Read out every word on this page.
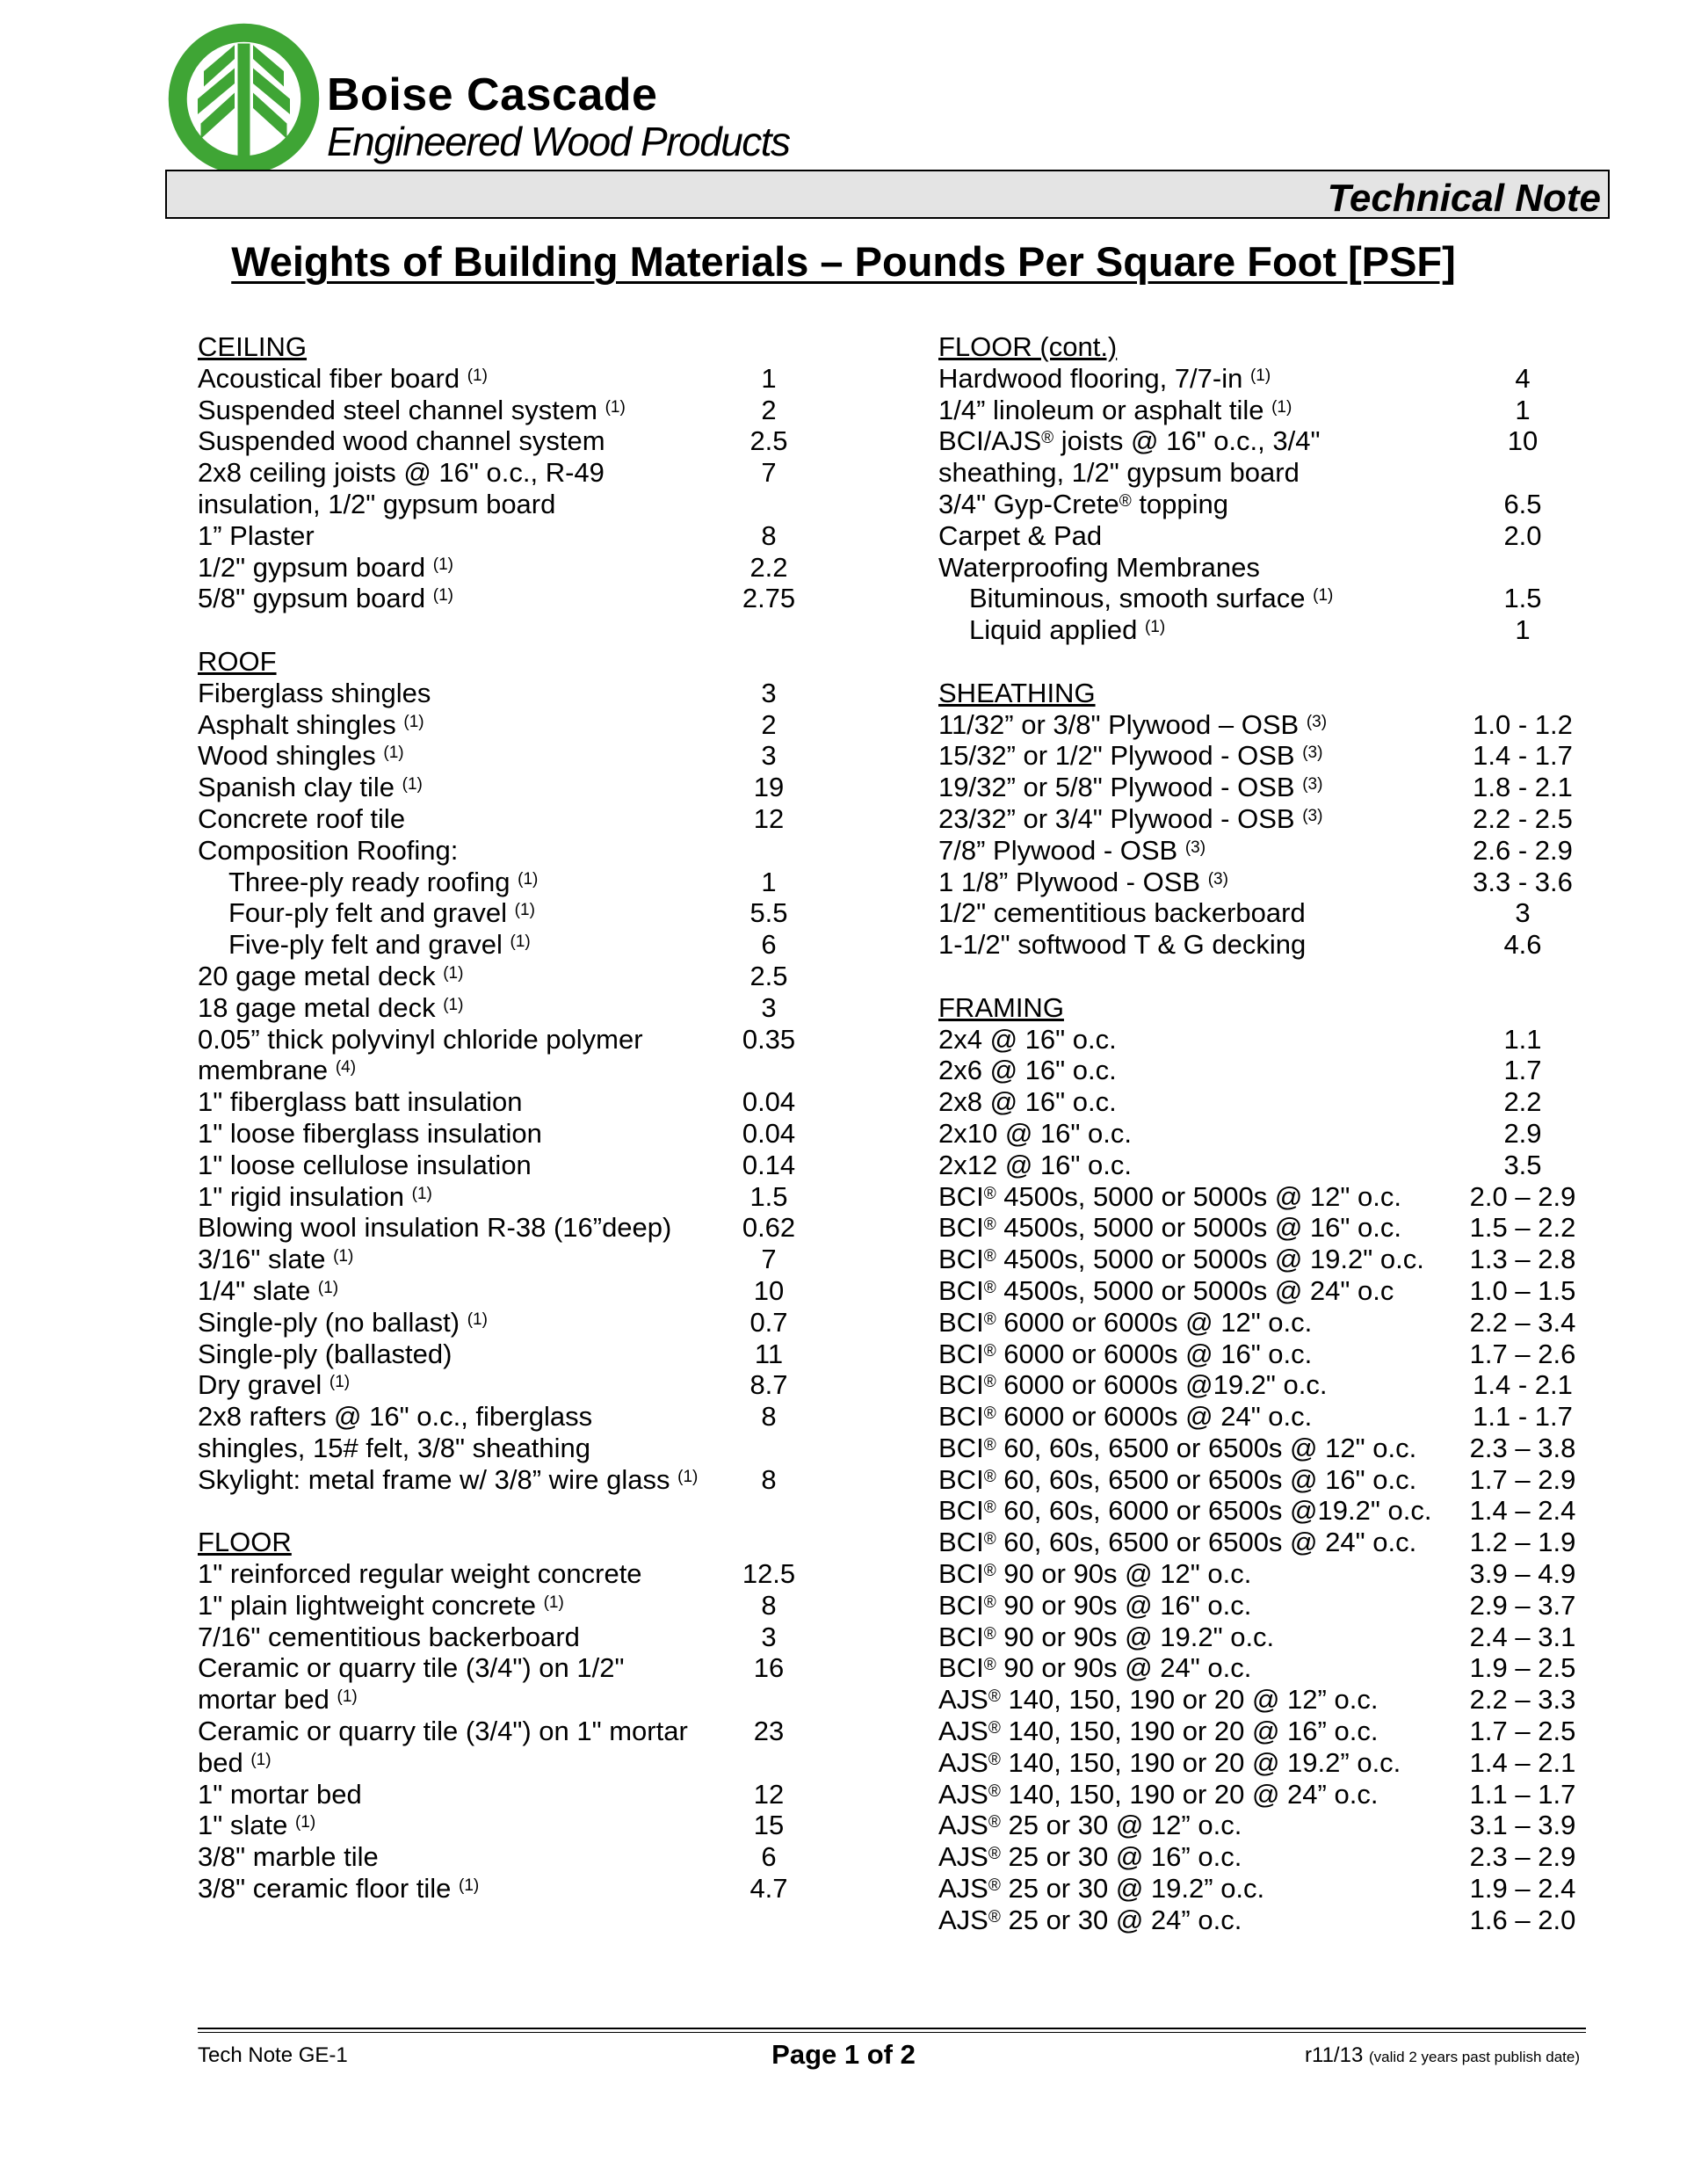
Boise Cascade
Engineered Wood Products
Technical Note
Weights of Building Materials – Pounds Per Square Foot [PSF]
CEILING
Acoustical fiber board $^{(1)}$	1
Suspended steel channel system $^{(1)}$	2
Suspended wood channel system	2.5
2x8 ceiling joists @ 16" o.c., R-49	7
insulation, 1/2" gypsum board
1” Plaster	8
1/2" gypsum board $^{(1)}$	2.2
5/8" gypsum board $^{(1)}$	2.75
ROOF
Fiberglass shingles	3
Asphalt shingles $^{(1)}$	2
Wood shingles $^{(1)}$	3
Spanish clay tile $^{(1)}$	19
Concrete roof tile	12
Composition Roofing:
Three-ply ready roofing $^{(1)}$	1
Four-ply felt and gravel $^{(1)}$	5.5
Five-ply felt and gravel $^{(1)}$	6
20 gage metal deck $^{(1)}$	2.5
18 gage metal deck $^{(1)}$	3
0.05” thick polyvinyl chloride polymer	0.35
membrane $^{(4)}$
1" fiberglass batt insulation	0.04
1" loose fiberglass insulation	0.04
1" loose cellulose insulation	0.14
1" rigid insulation $^{(1)}$	1.5
Blowing wool insulation R-38 (16”deep)	0.62
3/16" slate $^{(1)}$	7
1/4" slate $^{(1)}$	10
Single-ply (no ballast) $^{(1)}$	0.7
Single-ply (ballasted)	11
Dry gravel $^{(1)}$	8.7
2x8 rafters @ 16" o.c., fiberglass	8
shingles, 15# felt, 3/8" sheathing
Skylight: metal frame w/ 3/8” wire glass $^{(1)}$	8
FLOOR
1" reinforced regular weight concrete	12.5
1" plain lightweight concrete $^{(1)}$	8
7/16" cementitious backerboard	3
Ceramic or quarry tile (3/4") on 1/2"	16
mortar bed $^{(1)}$
Ceramic or quarry tile (3/4") on 1" mortar	23
bed $^{(1)}$
1" mortar bed	12
1" slate $^{(1)}$	15
3/8" marble tile	6
3/8" ceramic floor tile $^{(1)}$	4.7
FLOOR (cont.)
Hardwood flooring, 7/7-in $^{(1)}$	4
1/4” linoleum or asphalt tile $^{(1)}$	1
BCI/AJS® joists @ 16" o.c., 3/4"	10
sheathing, 1/2" gypsum board
3/4" Gyp-Crete® topping	6.5
Carpet & Pad	2.0
Waterproofing Membranes
Bituminous, smooth surface $^{(1)}$	1.5
Liquid applied $^{(1)}$	1
SHEATHING
11/32” or 3/8" Plywood – OSB $^{(3)}$	1.0 - 1.2
15/32” or 1/2" Plywood - OSB $^{(3)}$	1.4 - 1.7
19/32” or 5/8" Plywood - OSB $^{(3)}$	1.8 - 2.1
23/32” or 3/4" Plywood - OSB $^{(3)}$	2.2 - 2.5
7/8” Plywood - OSB $^{(3)}$	2.6 - 2.9
1 1/8” Plywood - OSB $^{(3)}$	3.3 - 3.6
1/2" cementitious backerboard	3
1-1/2" softwood T & G decking	4.6
FRAMING
2x4 @ 16" o.c.	1.1
2x6 @ 16" o.c.	1.7
2x8 @ 16" o.c.	2.2
2x10 @ 16" o.c.	2.9
2x12 @ 16" o.c.	3.5
BCI® 4500s, 5000 or 5000s @ 12" o.c.	2.0 – 2.9
BCI® 4500s, 5000 or 5000s @ 16" o.c.	1.5 – 2.2
BCI® 4500s, 5000 or 5000s @ 19.2" o.c.	1.3 – 2.8
BCI® 4500s, 5000 or 5000s @ 24" o.c	1.0 – 1.5
BCI® 6000 or 6000s @ 12" o.c.	2.2 – 3.4
BCI® 6000 or 6000s @ 16" o.c.	1.7 – 2.6
BCI® 6000 or 6000s @19.2" o.c.	1.4 - 2.1
BCI® 6000 or 6000s @ 24" o.c.	1.1 - 1.7
BCI® 60, 60s, 6500 or 6500s @ 12" o.c.	2.3 – 3.8
BCI® 60, 60s, 6500 or 6500s @ 16" o.c.	1.7 – 2.9
BCI® 60, 60s, 6000 or 6500s @19.2" o.c.	1.4 – 2.4
BCI® 60, 60s, 6500 or 6500s @ 24" o.c.	1.2 – 1.9
BCI® 90 or 90s @ 12" o.c.	3.9 – 4.9
BCI® 90 or 90s @ 16" o.c.	2.9 – 3.7
BCI® 90 or 90s @ 19.2" o.c.	2.4 – 3.1
BCI® 90 or 90s @ 24" o.c.	1.9 – 2.5
AJS® 140, 150, 190 or 20 @ 12” o.c.	2.2 – 3.3
AJS® 140, 150, 190 or 20 @ 16” o.c.	1.7 – 2.5
AJS® 140, 150, 190 or 20 @ 19.2” o.c.	1.4 – 2.1
AJS® 140, 150, 190 or 20 @ 24” o.c.	1.1 – 1.7
AJS® 25 or 30 @ 12” o.c.	3.1 – 3.9
AJS® 25 or 30 @ 16” o.c.	2.3 – 2.9
AJS® 25 or 30 @ 19.2” o.c.	1.9 – 2.4
AJS® 25 or 30 @ 24” o.c.	1.6 – 2.0
Tech Note GE-1	Page 1 of 2	r11/13 (valid 2 years past publish date)
